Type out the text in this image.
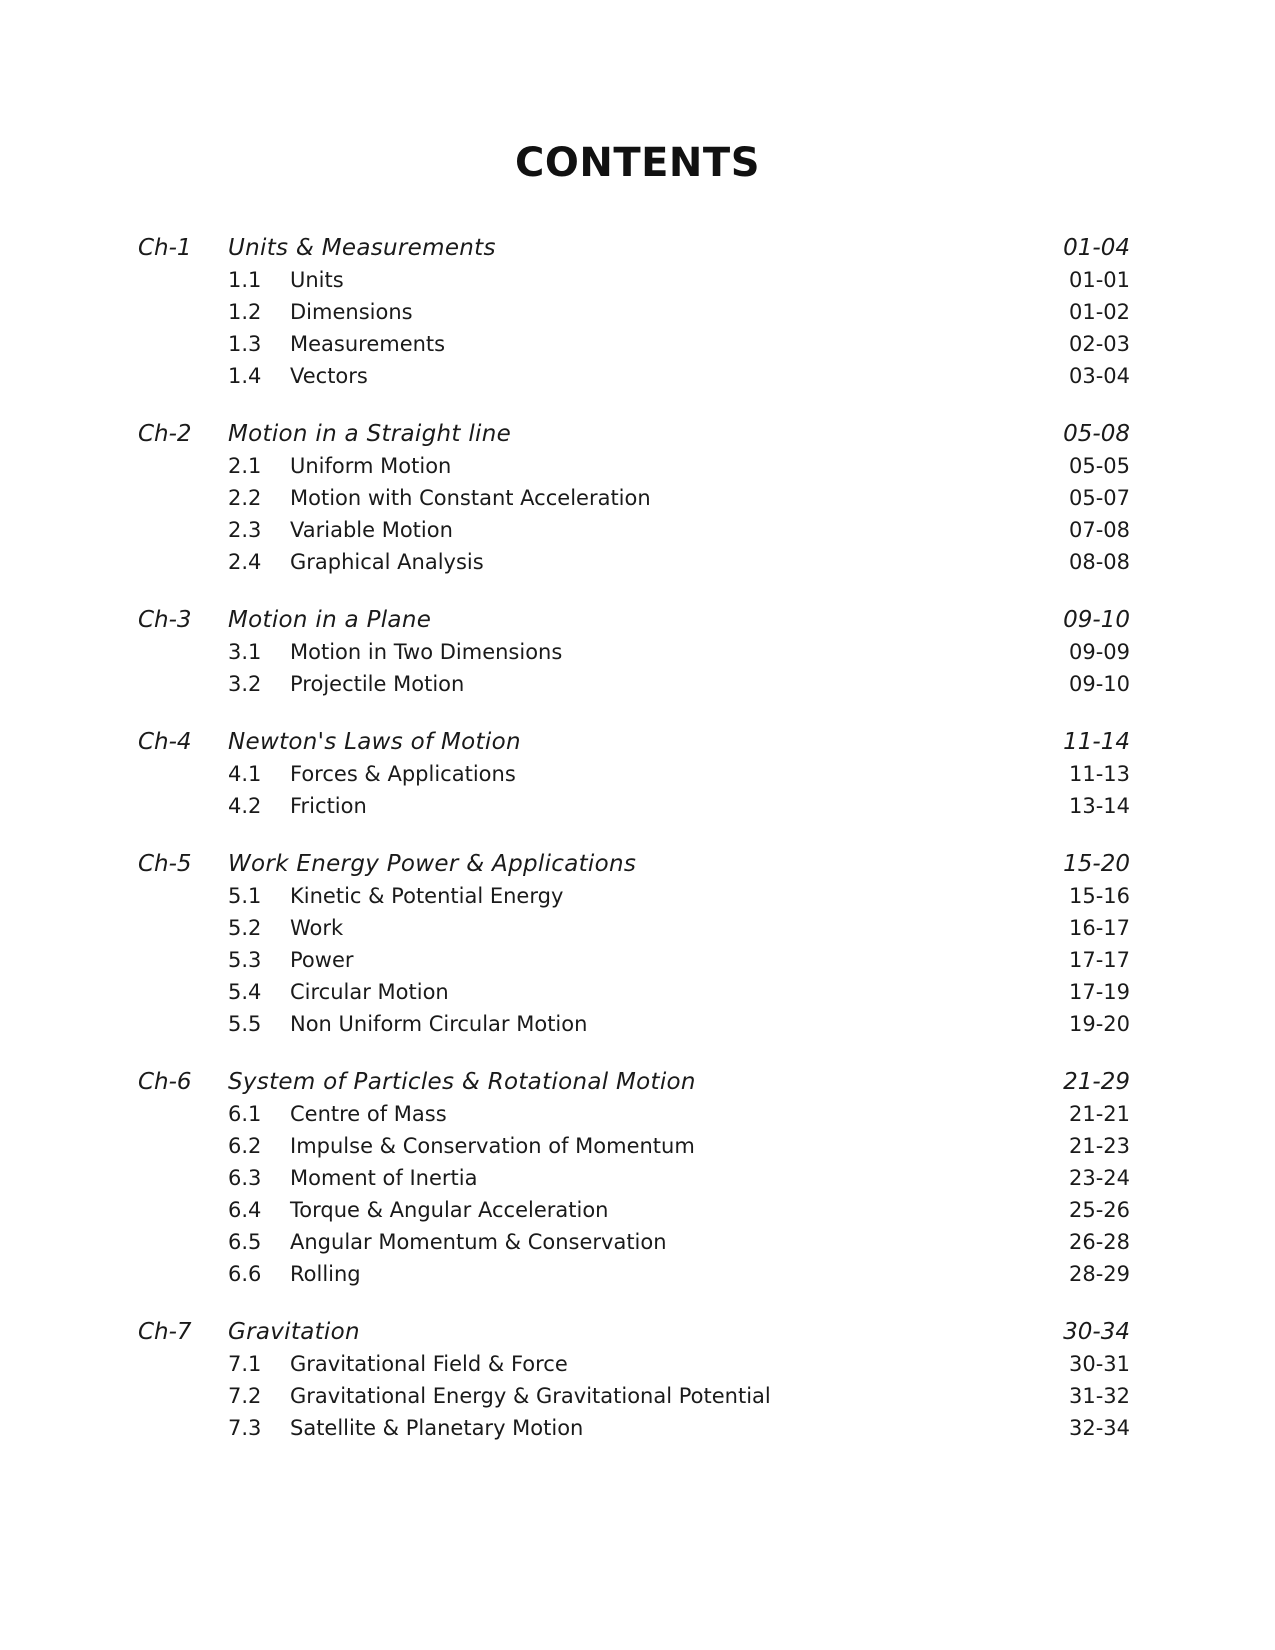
CONTENTS
Ch-1 Units & Measurements	01-04
1.1 Units	01-01
1.2 Dimensions	01-02
1.3 Measurements	02-03
1.4 Vectors	03-04
Ch-2 Motion in a Straight line	05-08
2.1 Uniform Motion	05-05
2.2 Motion with Constant Acceleration	05-07
2.3 Variable Motion	07-08
2.4 Graphical Analysis	08-08
Ch-3 Motion in a Plane	09-10
3.1 Motion in Two Dimensions	09-09
3.2 Projectile Motion	09-10
Ch-4 Newton's Laws of Motion	11-14
4.1 Forces & Applications	11-13
4.2 Friction	13-14
Ch-5 Work Energy Power & Applications	15-20
5.1 Kinetic & Potential Energy	15-16
5.2 Work	16-17
5.3 Power	17-17
5.4 Circular Motion	17-19
5.5 Non Uniform Circular Motion	19-20
Ch-6 System of Particles & Rotational Motion	21-29
6.1 Centre of Mass	21-21
6.2 Impulse & Conservation of Momentum	21-23
6.3 Moment of Inertia	23-24
6.4 Torque & Angular Acceleration	25-26
6.5 Angular Momentum & Conservation	26-28
6.6 Rolling	28-29
Ch-7 Gravitation	30-34
7.1 Gravitational Field & Force	30-31
7.2 Gravitational Energy & Gravitational Potential	31-32
7.3 Satellite & Planetary Motion	32-34
